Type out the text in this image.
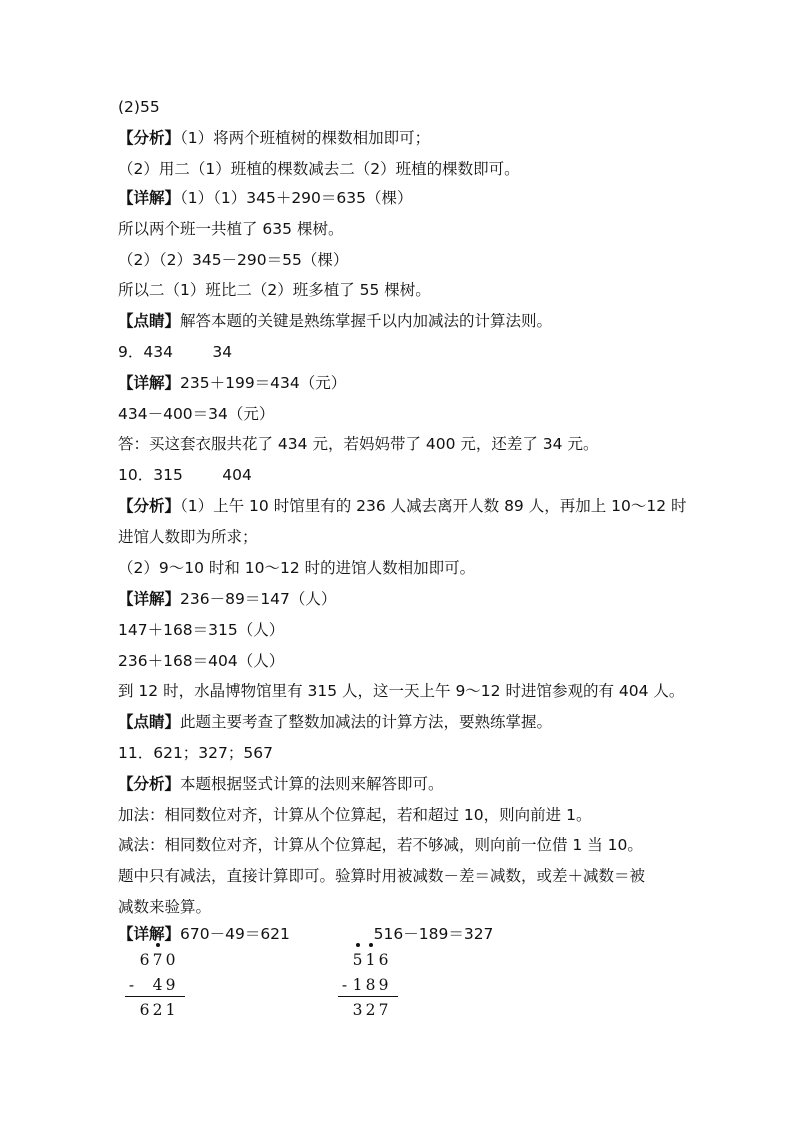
(2)55
【分析】（1）将两个班植树的棵数相加即可；
（2）用二（1）班植的棵数减去二（2）班植的棵数即可。
【详解】（1）（1）345＋290＝635（棵）
所以两个班一共植了 635 棵树。
（2）（2）345－290＝55（棵）
所以二（1）班比二（2）班多植了 55 棵树。
【点睛】解答本题的关键是熟练掌握千以内加减法的计算法则。
9．434        34
【详解】235＋199＝434（元）
434－400＝34（元）
答：买这套衣服共花了 434 元，若妈妈带了 400 元，还差了 34 元。
10．315        404
【分析】（1）上午 10 时馆里有的 236 人减去离开人数 89 人，再加上 10～12 时
进馆人数即为所求；
（2）9～10 时和 10～12 时的进馆人数相加即可。
【详解】236－89＝147（人）
147＋168＝315（人）
236＋168＝404（人）
到 12 时，水晶博物馆里有 315 人，这一天上午 9～12 时进馆参观的有 404 人。
【点睛】此题主要考查了整数加减法的计算方法，要熟练掌握。
11．621；327；567
【分析】本题根据竖式计算的法则来解答即可。
加法：相同数位对齐，计算从个位算起，若和超过 10，则向前进 1。
减法：相同数位对齐，计算从个位算起，若不够减，则向前一位借 1 当 10。
题中只有减法，直接计算即可。验算时用被减数－差＝减数，或差＋减数＝被
减数来验算。
【详解】670－49＝621                 516－189＝327
6 7 0
- 4 9
6 2 1
5 1 6
- 1 8 9
3 2 7
